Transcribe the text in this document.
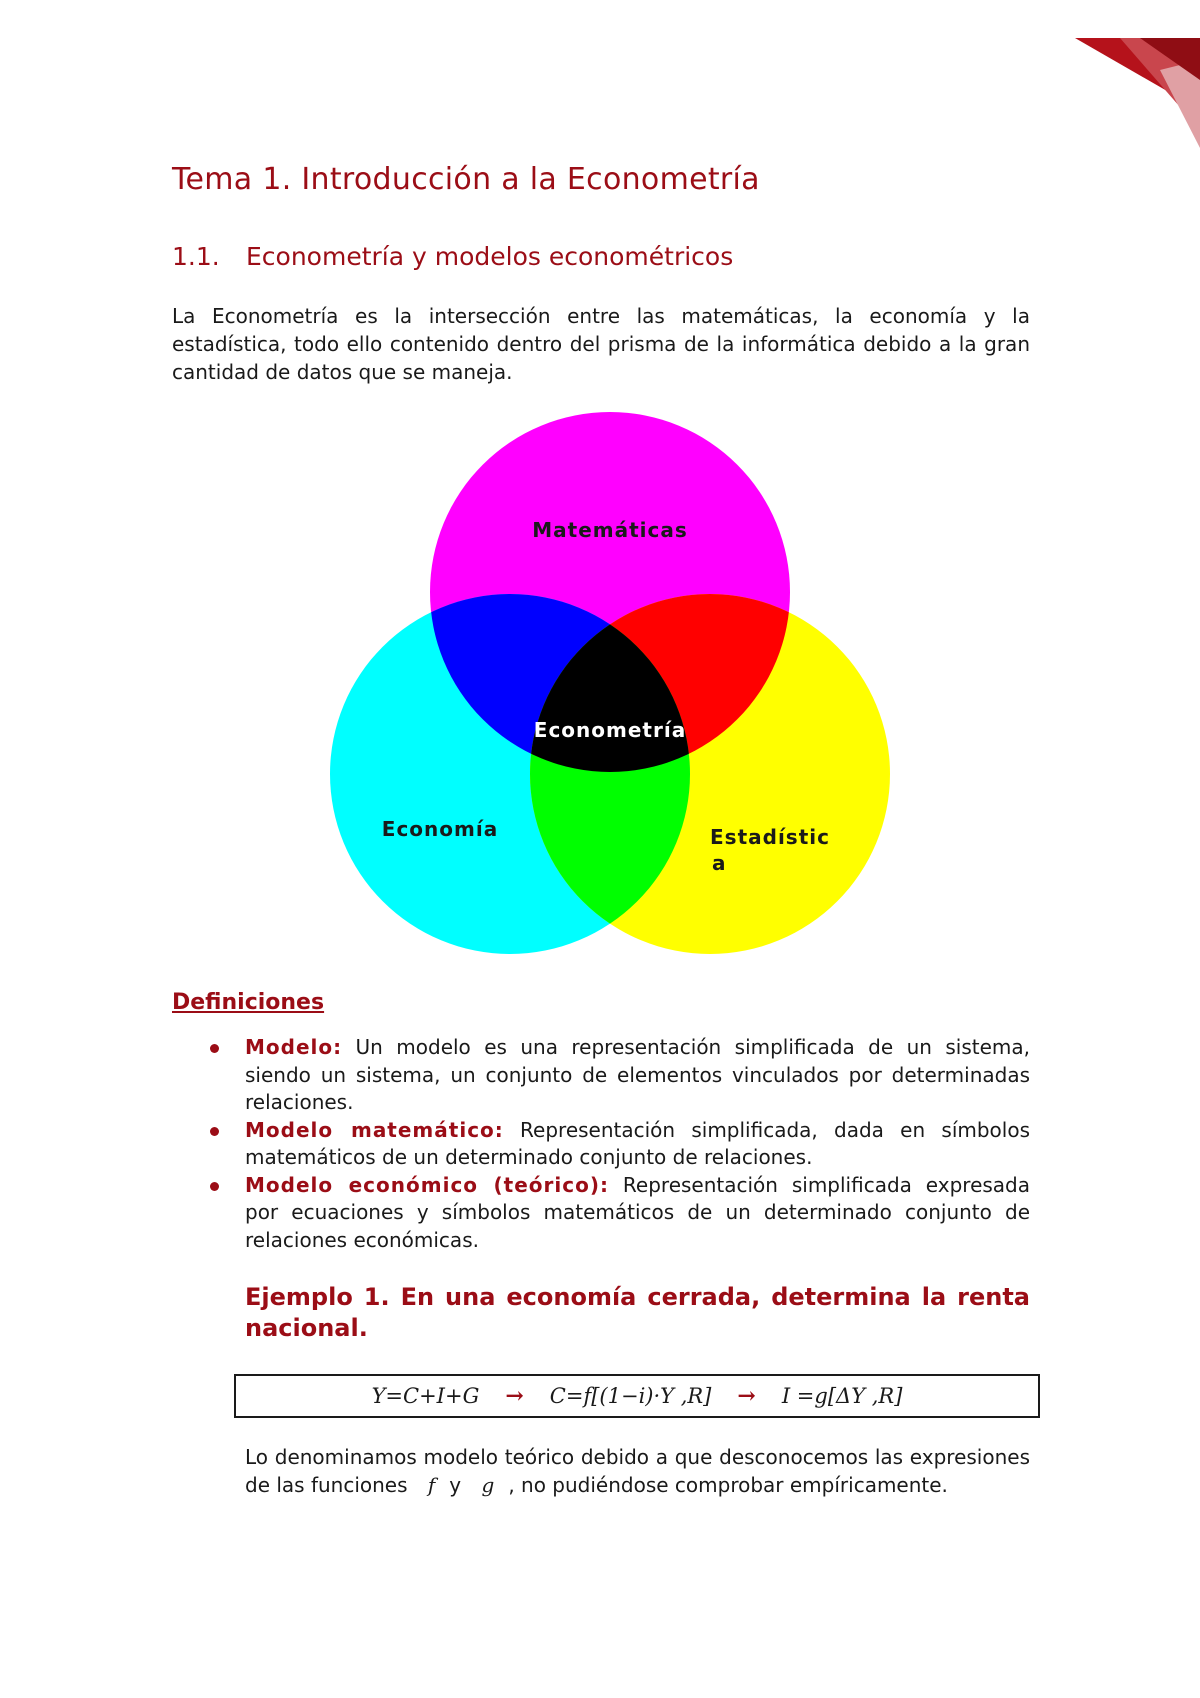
Tema 1. Introducción a la Econometría
1.1. Econometría y modelos econométricos

La Econometría es la intersección entre las matemáticas, la economía y la estadística, todo ello contenido dentro del prisma de la informática debido a la gran cantidad de datos que se maneja.

Matemáticas
Econometría
Economía	Estadístic
a
Definiciones
Modelo: Un modelo es una representación simplificada de un sistema, siendo un sistema, un conjunto de elementos vinculados por determinadas relaciones.
Modelo matemático: Representación simplificada, dada en símbolos matemáticos de un determinado conjunto de relaciones.
Modelo económico (teórico): Representación simplificada expresada por ecuaciones y símbolos matemáticos de un determinado conjunto de relaciones económicas.
Ejemplo 1. En una economía cerrada, determina la renta nacional.
Y=C+I+G → C=f[(1−i)·Y ,R] → I =g[ΔY ,R]

Lo denominamos modelo teórico debido a que desconocemos las expresiones de las funciones f y g , no pudiéndose comprobar empíricamente.
